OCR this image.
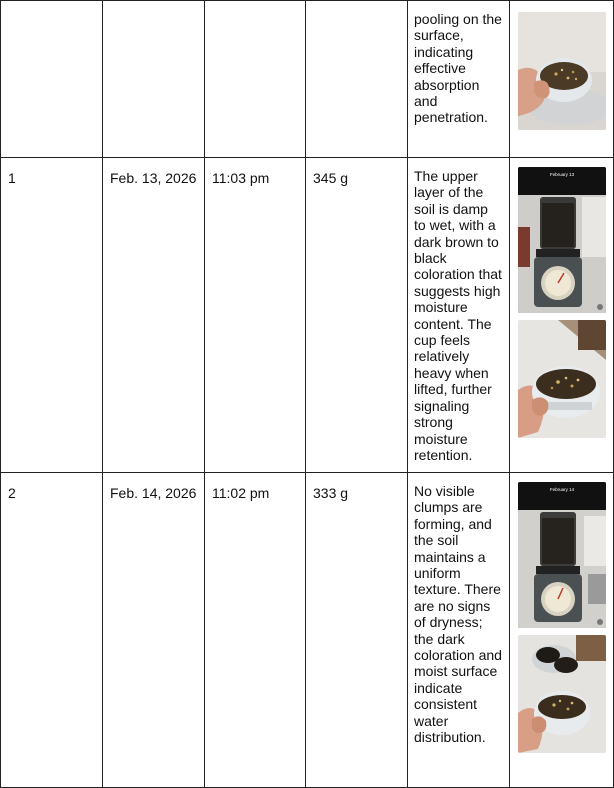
				pooling on the surface, indicating effective absorption and penetration.	

1	Feb. 13, 2026	11:03 pm	345 g	The upper layer of the soil is damp to wet, with a dark brown to black coloration that suggests high moisture content. The cup feels relatively heavy when lifted, further signaling strong moisture retention.	February 13

2	Feb. 14, 2026	11:02 pm	333 g	No visible clumps are forming, and the soil maintains a uniform texture. There are no signs of dryness; the dark coloration and moist surface indicate consistent water distribution.	February 14
